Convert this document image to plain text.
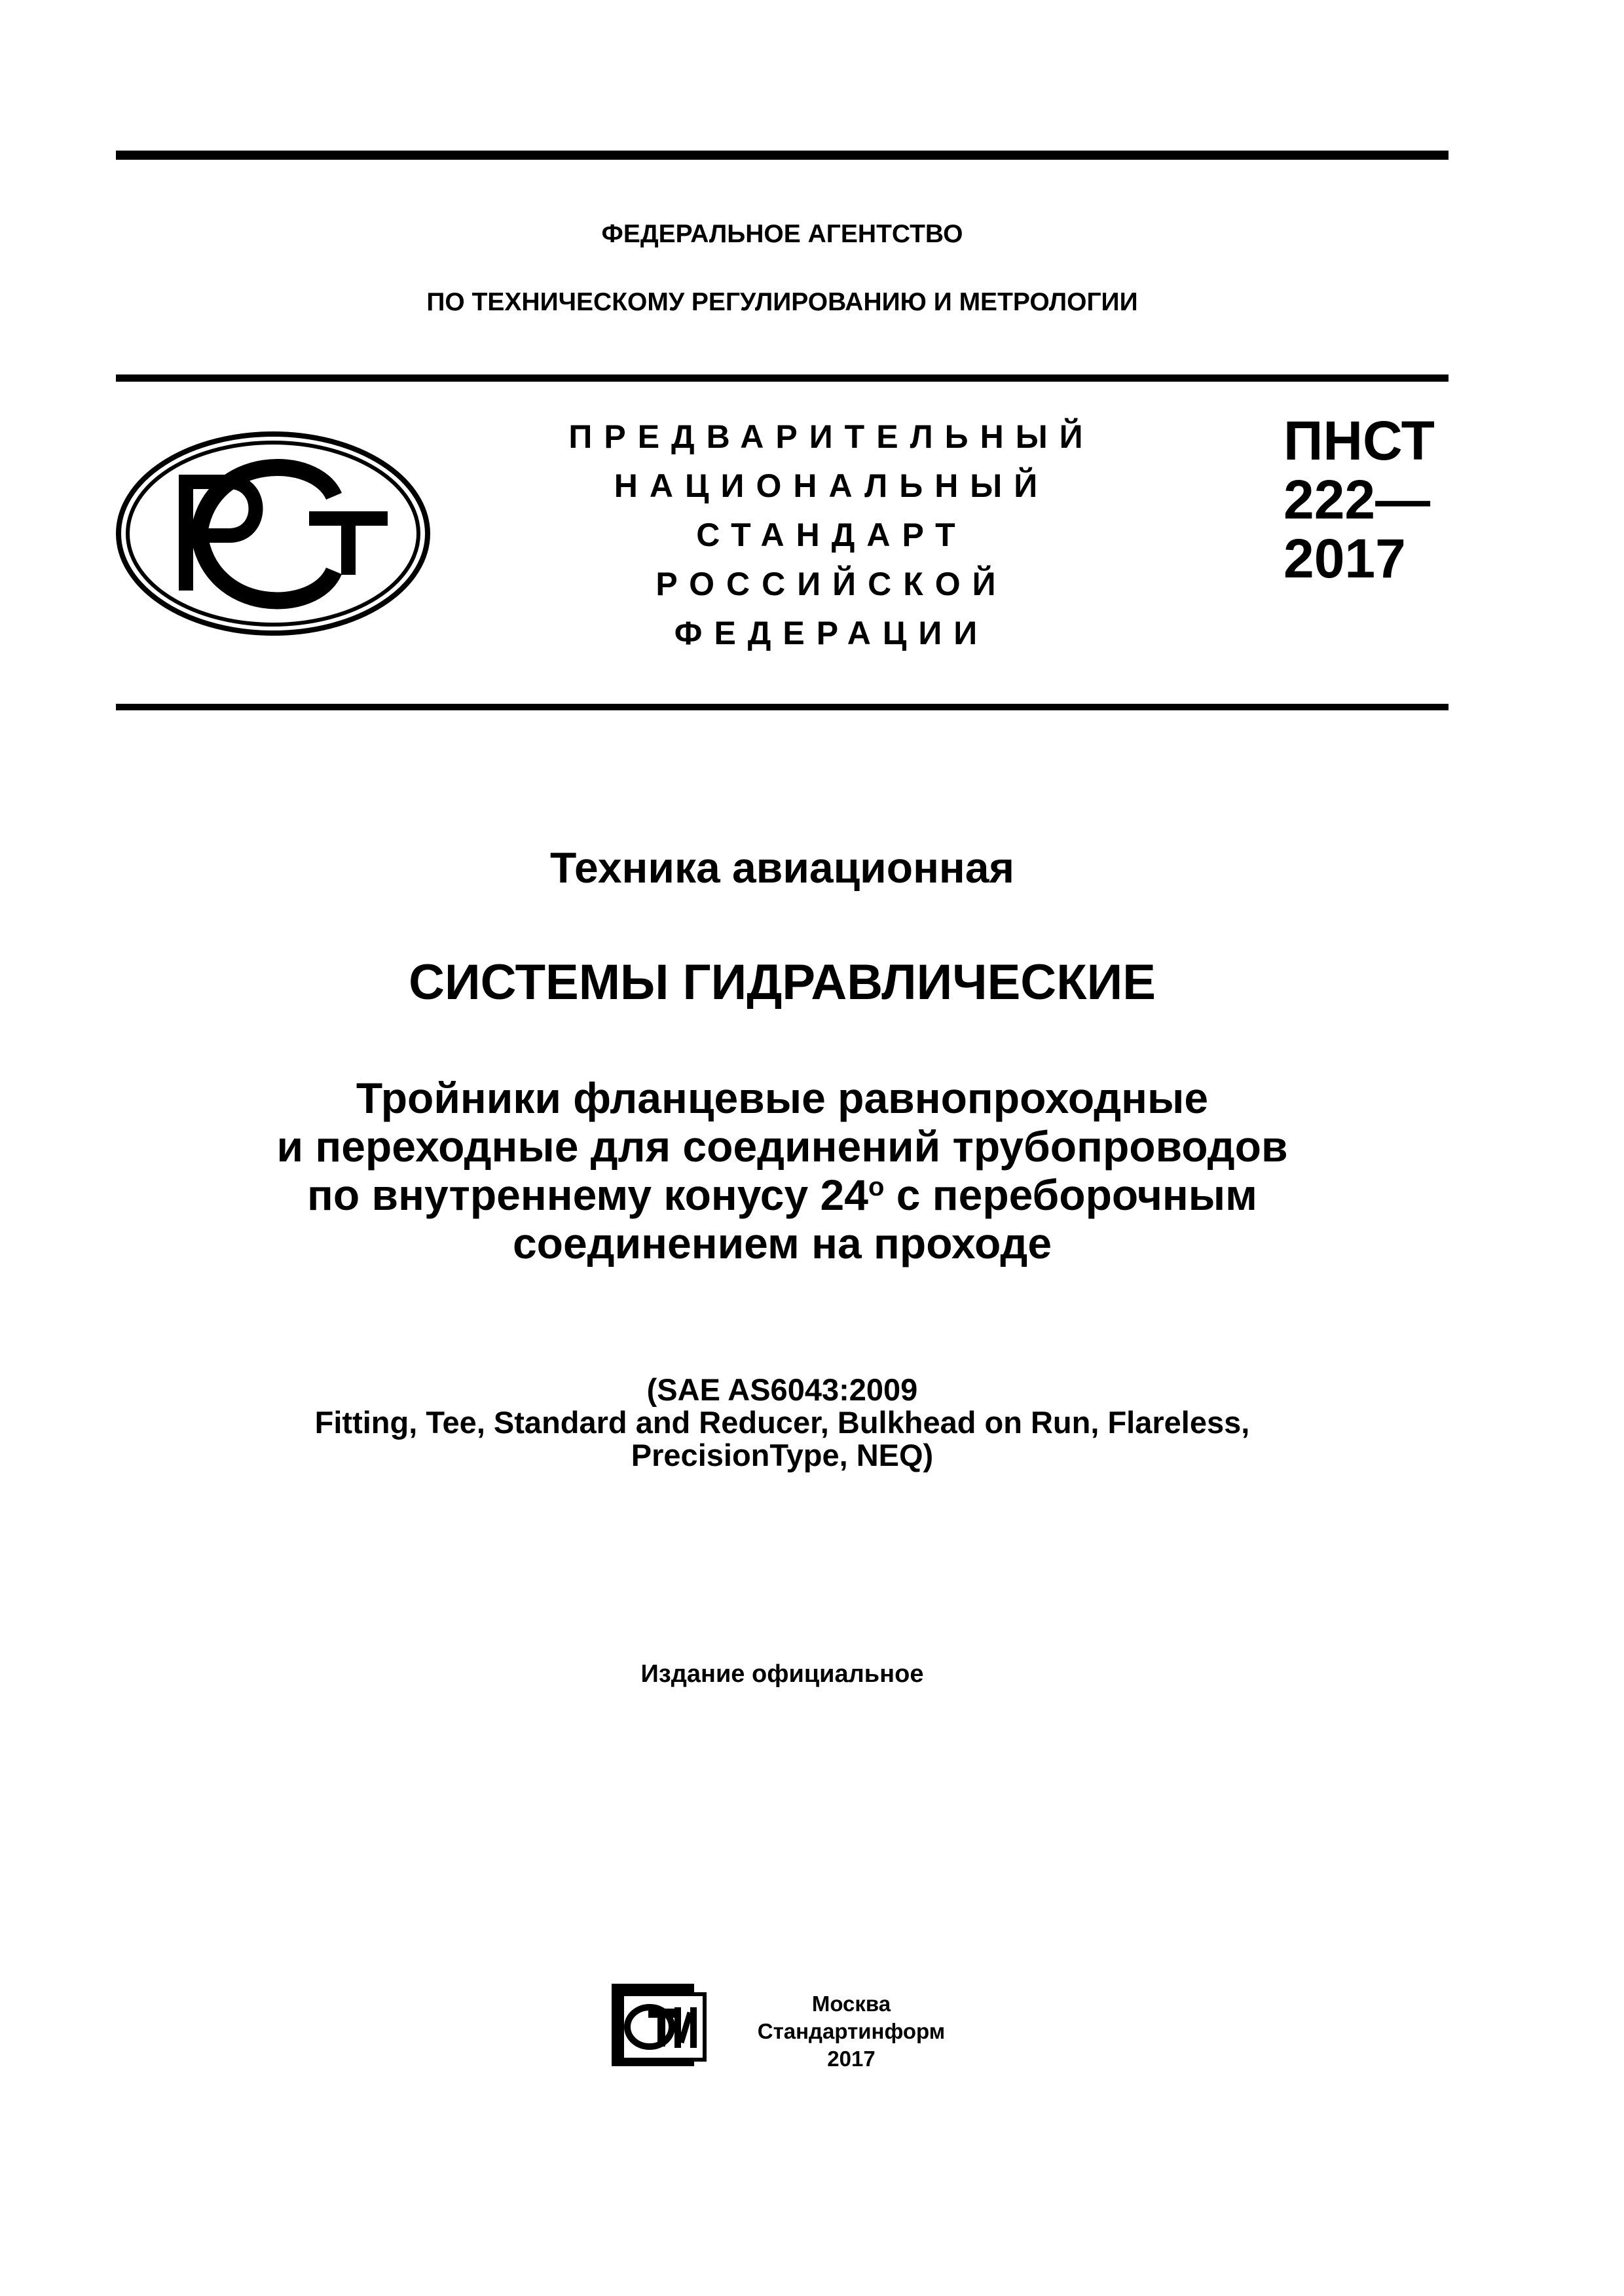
ФЕДЕРАЛЬНОЕ АГЕНТСТВО
ПО ТЕХНИЧЕСКОМУ РЕГУЛИРОВАНИЮ И МЕТРОЛОГИИ
ПРЕДВАРИТЕЛЬНЫЙ
НАЦИОНАЛЬНЫЙ
СТАНДАРТ
РОССИЙСКОЙ
ФЕДЕРАЦИИ
ПНСТ
222—
2017
Техника авиационная
СИСТЕМЫ ГИДРАВЛИЧЕСКИЕ
Тройники фланцевые равнопроходные
и переходные для соединений трубопроводов
по внутреннему конусу $24^о$ с переборочным
соединением на проходе
(SAE AS6043:2009
Fitting, Tee, Standard and Reducer, Bulkhead on Run, Flareless,
PrecisionType, NEQ)
Издание официальное
Москва
Стандартинформ
2017
